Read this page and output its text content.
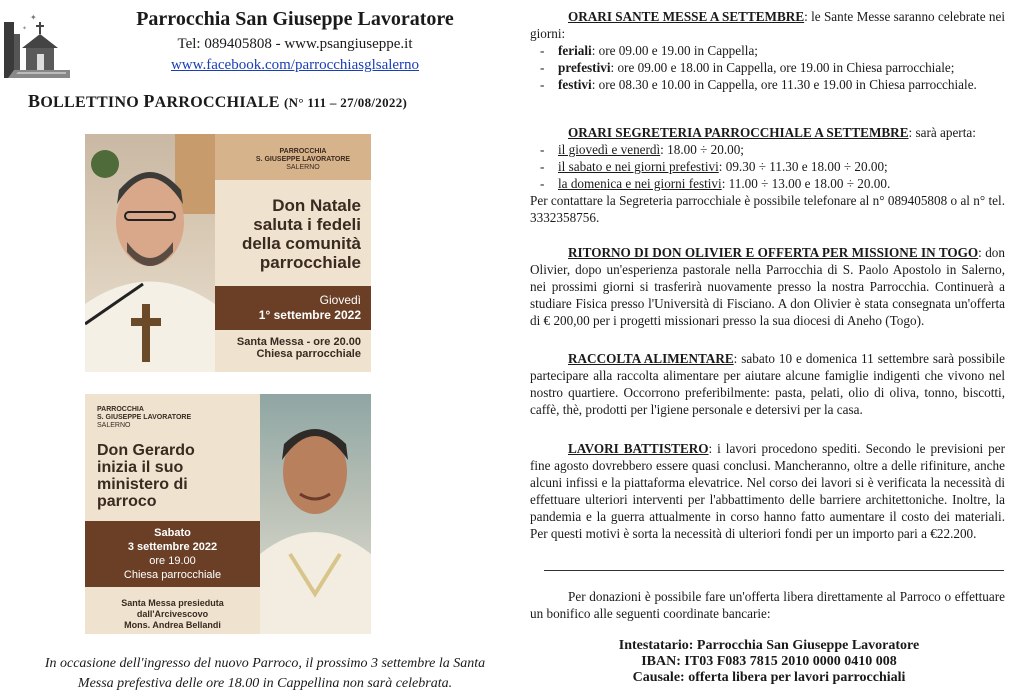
✦
✦	Parrocchia San Giuseppe Lavoratore
Tel: 089405808 - www.psangiuseppe.it
www.facebook.com/parrocchiasglsalerno
BOLLETTINO PARROCCHIALE (N° 111 – 27/08/2022)
PARROCCHIA
S. GIUSEPPE LAVORATORE
SALERNO
Don Natale
saluta i fedeli
della comunità
parrocchiale
Giovedì
1° settembre 2022
Santa Messa - ore 20.00
Chiesa parrocchiale
PARROCCHIA
S. GIUSEPPE LAVORATORE
SALERNO
Don Gerardo
inizia il suo
ministero di
parroco
Sabato
3 settembre 2022
ore 19.00
Chiesa parrocchiale
Santa Messa presieduta
dall'Arcivescovo
Mons. Andrea Bellandi
In occasione dell'ingresso del nuovo Parroco, il prossimo 3 settembre la Santa
Messa prefestiva delle ore 18.00 in Cappellina non sarà celebrata.
ORARI SANTE MESSE A SETTEMBRE: le Sante Messe saranno celebrate nei giorni:
- feriali: ore 09.00 e 19.00 in Cappella;
- prefestivi: ore 09.00 e 18.00 in Cappella, ore 19.00 in Chiesa parrocchiale;
- festivi: ore 08.30 e 10.00 in Cappella, ore 11.30 e 19.00 in Chiesa parrocchiale.
ORARI SEGRETERIA PARROCCHIALE A SETTEMBRE: sarà aperta:
- il giovedì e venerdì: 18.00 ÷ 20.00;
- il sabato e nei giorni prefestivi: 09.30 ÷ 11.30 e 18.00 ÷ 20.00;
- la domenica e nei giorni festivi: 11.00 ÷ 13.00 e 18.00 ÷ 20.00.
Per contattare la Segreteria parrocchiale è possibile telefonare al n° 089405808 o al n° tel. 3332358756.
RITORNO DI DON OLIVIER E OFFERTA PER MISSIONE IN TOGO: don Olivier, dopo un'esperienza pastorale nella Parrocchia di S. Paolo Apostolo in Salerno, nei prossimi giorni si trasferirà nuovamente presso la nostra Parrocchia. Continuerà a studiare Fisica presso l'Università di Fisciano. A don Olivier è stata consegnata un'offerta di € 200,00 per i progetti missionari presso la sua diocesi di Aneho (Togo).
RACCOLTA ALIMENTARE: sabato 10 e domenica 11 settembre sarà possibile partecipare alla raccolta alimentare per aiutare alcune famiglie indigenti che vivono nel nostro quartiere. Occorrono preferibilmente: pasta, pelati, olio di oliva, tonno, biscotti, caffè, thè, prodotti per l'igiene personale e detersivi per la casa.
LAVORI BATTISTERO: i lavori procedono spediti. Secondo le previsioni per fine agosto dovrebbero essere quasi conclusi. Mancheranno, oltre a delle rifiniture, anche alcuni infissi e la piattaforma elevatrice. Nel corso dei lavori si è verificata la necessità di effettuare ulteriori interventi per l'abbattimento delle barriere architettoniche. Inoltre, la pandemia e la guerra attualmente in corso hanno fatto aumentare il costo dei materiali. Per questi motivi è sorta la necessità di ulteriori fondi per un importo pari a €22.200.
Per donazioni è possibile fare un'offerta libera direttamente al Parroco o effettuare un bonifico alle seguenti coordinate bancarie:
Intestatario: Parrocchia San Giuseppe Lavoratore
IBAN: IT03 F083 7815 2010 0000 0410 008
Causale: offerta libera per lavori parrocchiali
